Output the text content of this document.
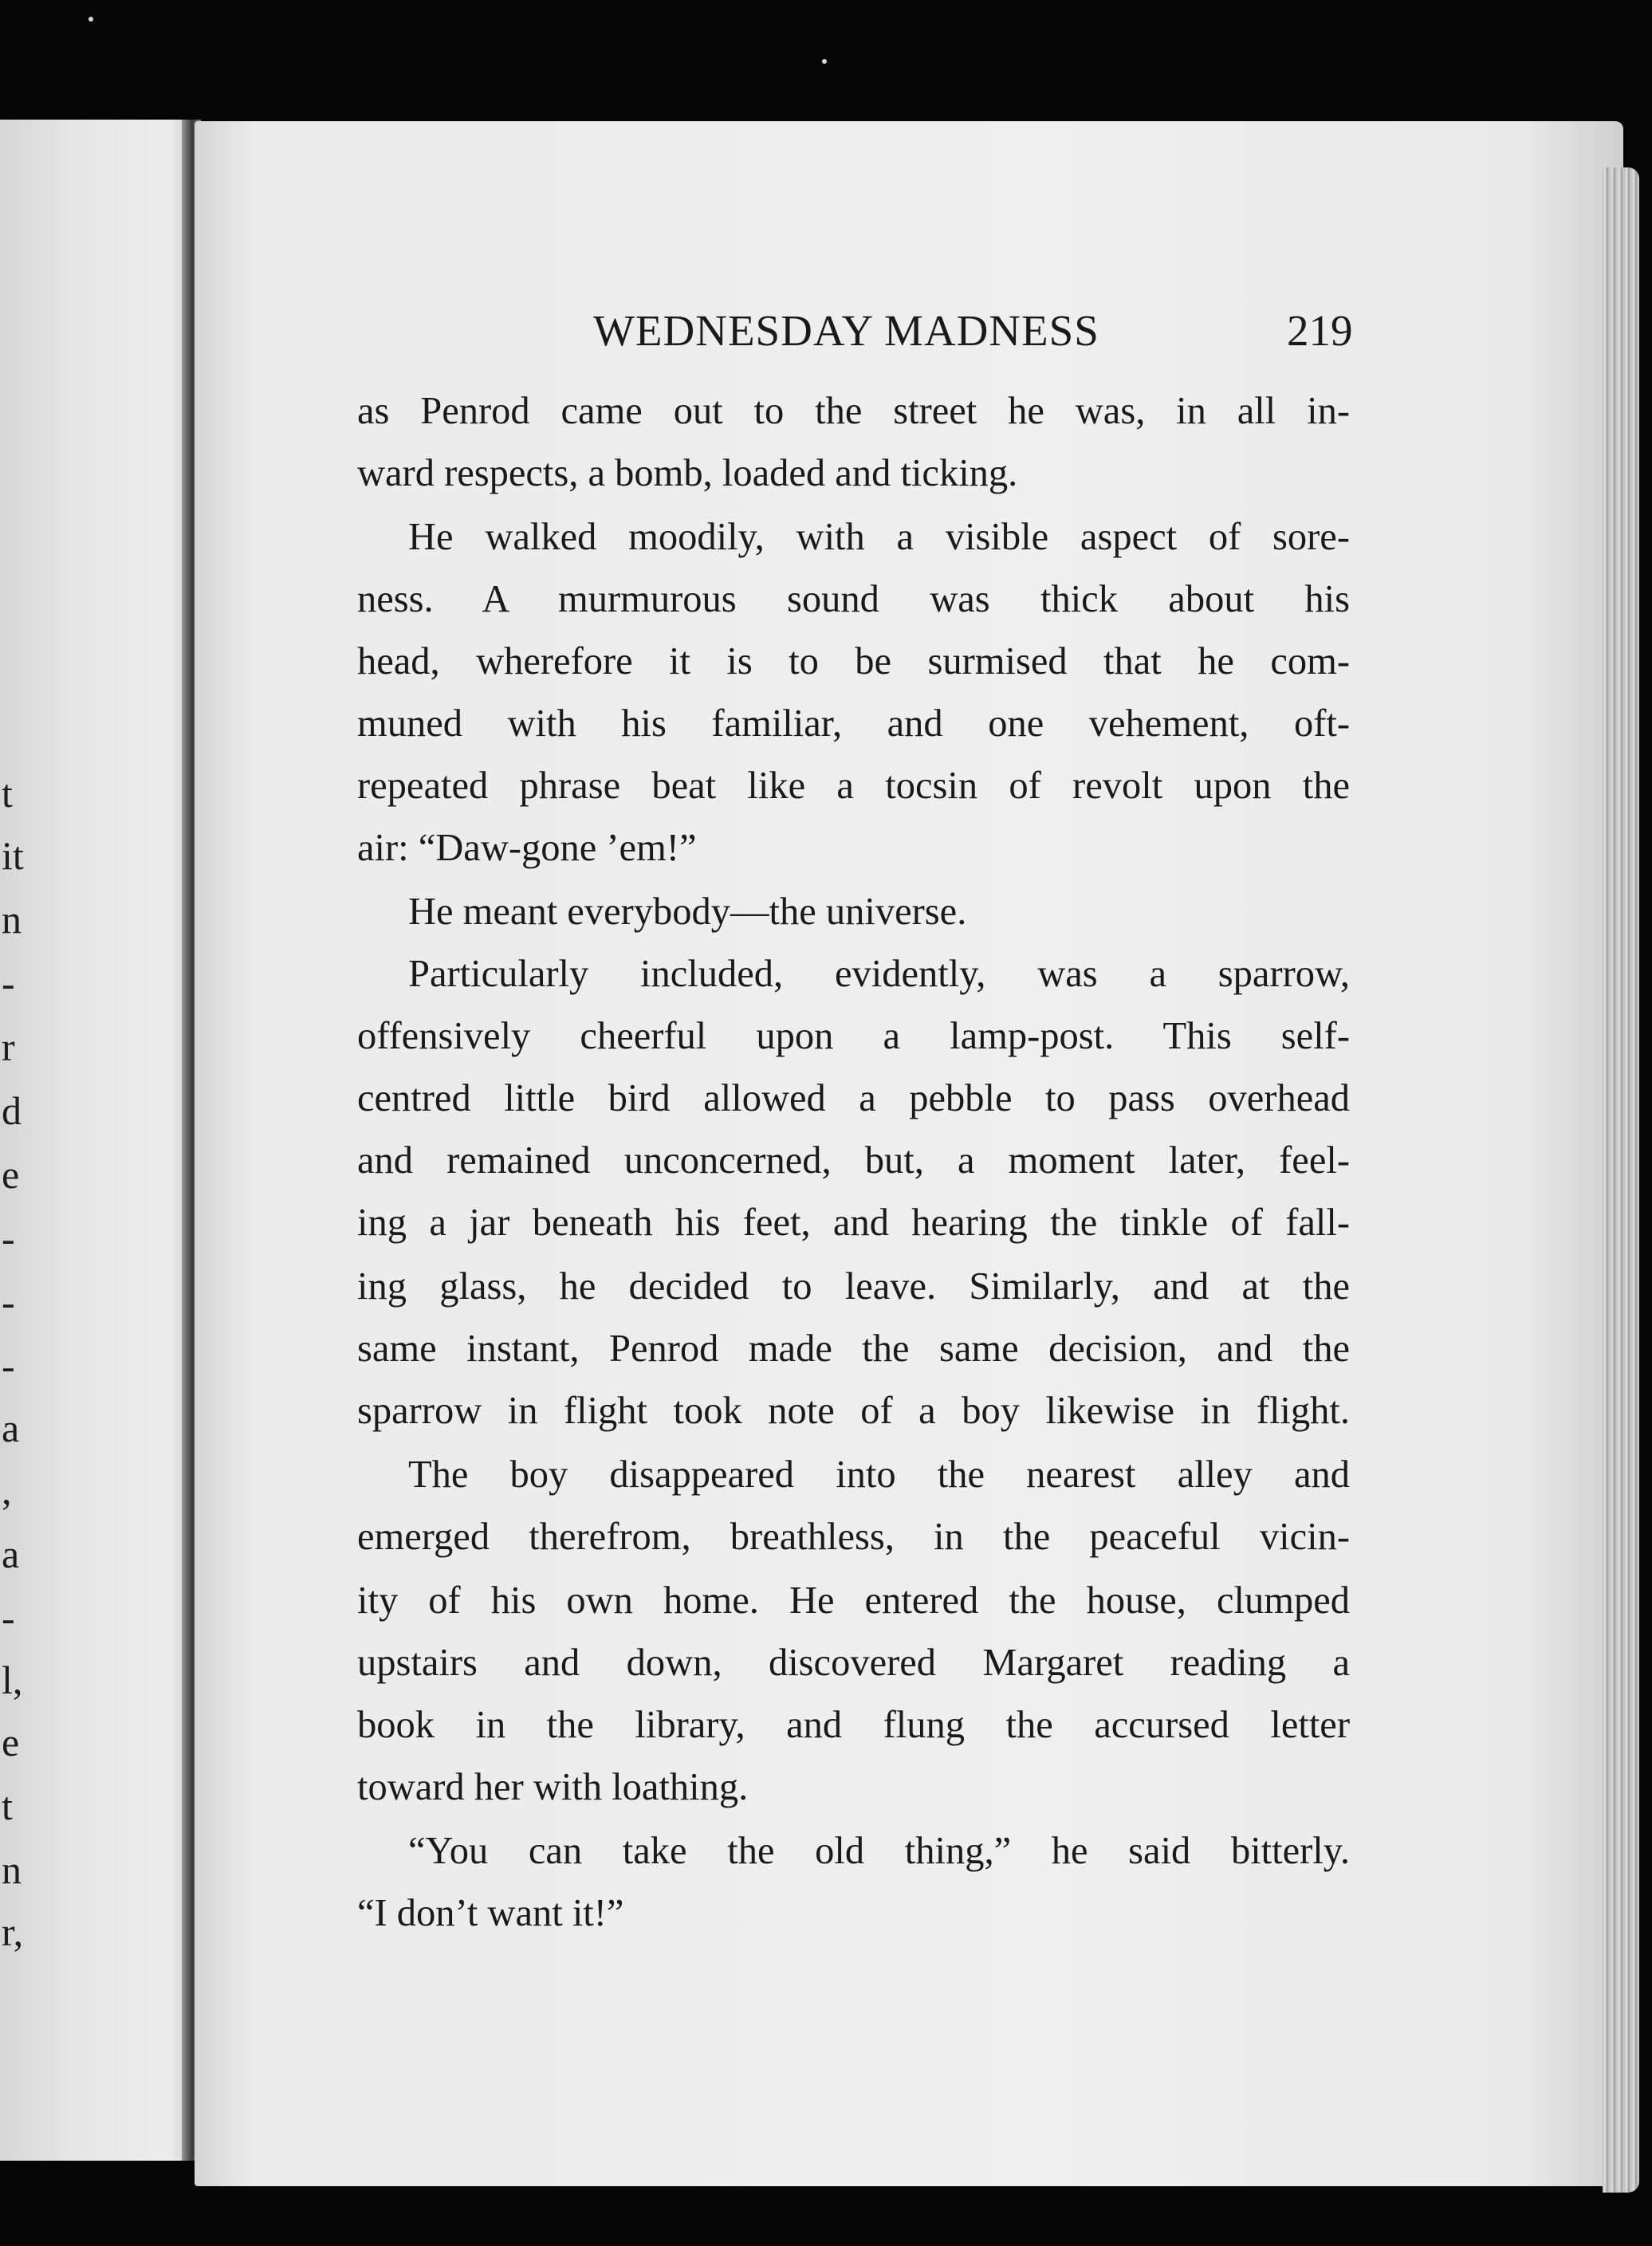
t
it
n
-
r
d
e
-
-
-
a
,
a
-
l,
e
t
n
r,
WEDNESDAY MADNESS	219
as Penrod came out to the street he was, in all in-
ward respects, a bomb, loaded and ticking.
He walked moodily, with a visible aspect of sore-
ness. A murmurous sound was thick about his
head, wherefore it is to be surmised that he com-
muned with his familiar, and one vehement, oft-
repeated phrase beat like a tocsin of revolt upon the
air: “Daw-gone ’em!”
He meant everybody—the universe.
Particularly included, evidently, was a sparrow,
offensively cheerful upon a lamp-post. This self-
centred little bird allowed a pebble to pass overhead
and remained unconcerned, but, a moment later, feel-
ing a jar beneath his feet, and hearing the tinkle of fall-
ing glass, he decided to leave. Similarly, and at the
same instant, Penrod made the same decision, and the
sparrow in flight took note of a boy likewise in flight.
The boy disappeared into the nearest alley and
emerged therefrom, breathless, in the peaceful vicin-
ity of his own home. He entered the house, clumped
upstairs and down, discovered Margaret reading a
book in the library, and flung the accursed letter
toward her with loathing.
“You can take the old thing,” he said bitterly.
“I don’t want it!”
